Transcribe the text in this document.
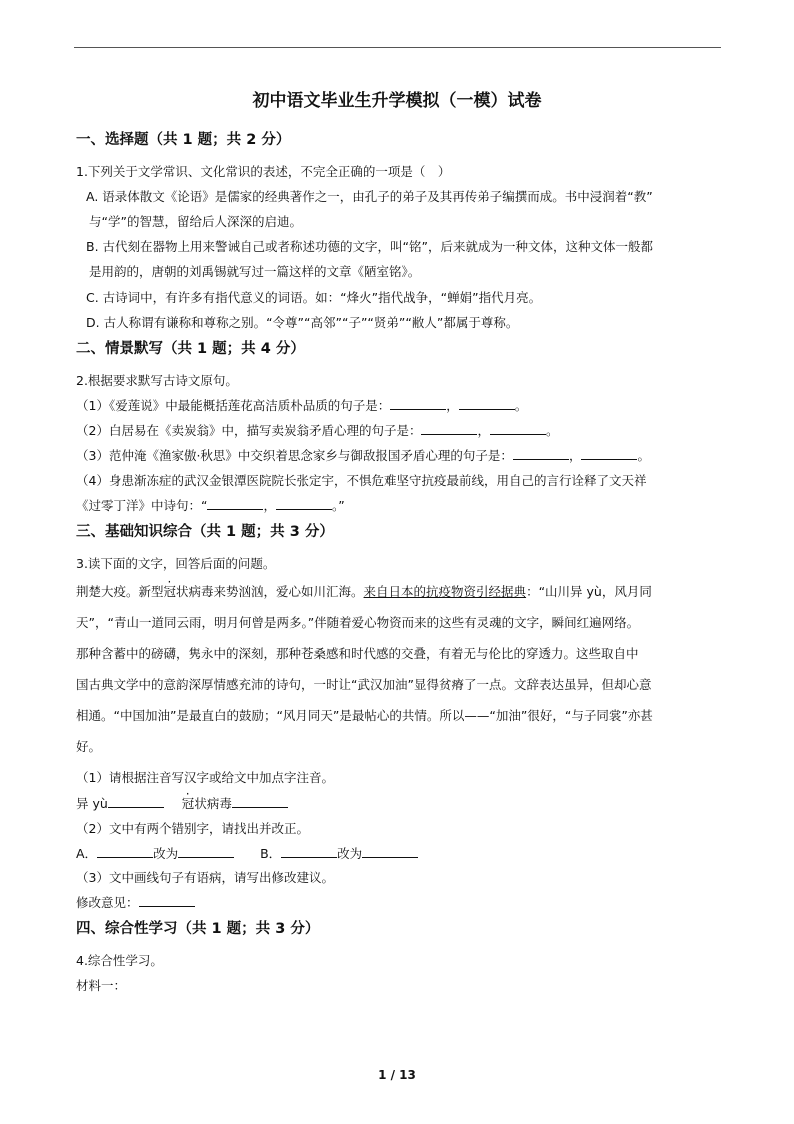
初中语文毕业生升学模拟（一模）试卷
一、选择题（共 1 题；共 2 分）
1.下列关于文学常识、文化常识的表述，不完全正确的一项是（　）
A. 语录体散文《论语》是儒家的经典著作之一，由孔子的弟子及其再传弟子编撰而成。书中浸润着“教”
与“学”的智慧，留给后人深深的启迪。
B. 古代刻在器物上用来警诫自己或者称述功德的文字，叫“铭”，后来就成为一种文体，这种文体一般都
是用韵的，唐朝的刘禹锡就写过一篇这样的文章《陋室铭》。
C. 古诗词中，有许多有指代意义的词语。如：“烽火”指代战争，“蝉娟”指代月亮。
D. 古人称谓有谦称和尊称之别。“令尊”“高邻”“子”“贤弟”“敝人”都属于尊称。
二、情景默写（共 1 题；共 4 分）
2.根据要求默写古诗文原句。
（1）《爱莲说》中最能概括莲花高洁质朴品质的句子是：	，	。
（2）白居易在《卖炭翁》中，描写卖炭翁矛盾心理的句子是：	，	。
（3）范仲淹《渔家傲·秋思》中交织着思念家乡与御敌报国矛盾心理的句子是：	，	。
（4）身患渐冻症的武汉金银潭医院院长张定宇，不惧危难坚守抗疫最前线，用自己的言行诠释了文天祥
《过零丁洋》中诗句：“	，	。”
三、基础知识综合（共 1 题；共 3 分）
3.读下面的文字，回答后面的问题。
荆楚大疫。新型冠状病毒来势汹汹，爱心如川汇海。来自日本的抗疫物资引经据典：“山川异 yù，风月同
天”，“青山一道同云雨，明月何曾是两多。”伴随着爱心物资而来的这些有灵魂的文字，瞬间红遍网络。
那种含蓄中的磅礴，隽永中的深刻，那种苍桑感和时代感的交叠，有着无与伦比的穿透力。这些取自中
国古典文学中的意韵深厚情感充沛的诗句，一时让“武汉加油”显得贫瘠了一点。文辞表达虽异，但却心意
相通。“中国加油”是最直白的鼓励；“风月同天”是最帖心的共情。所以——“加油”很好，“与子同裳”亦甚
好。
（1）请根据注音写汉字或给文中加点字注音。
异 yù	冠状病毒
（2）文中有两个错别字，请找出并改正。
A．	改为	B．	改为
（3）文中画线句子有语病，请写出修改建议。
修改意见：
四、综合性学习（共 1 题；共 3 分）
4.综合性学习。
材料一：
1 / 13
